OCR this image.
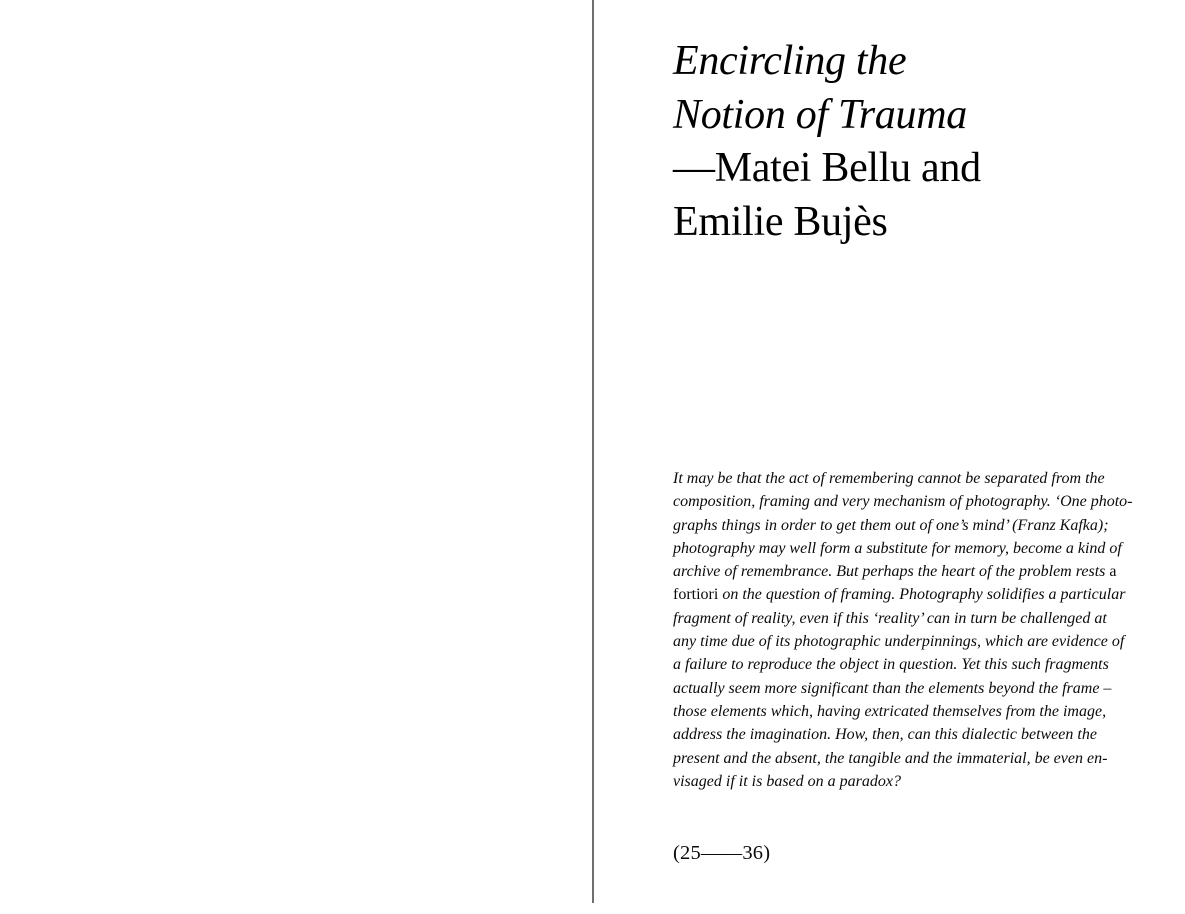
Encircling the
Notion of Trauma
—Matei Bellu and
Emilie Bujès
It may be that the act of remembering cannot be separated from the
composition, framing and very mechanism of photography. ‘One photo-
graphs things in order to get them out of one’s mind’ (Franz Kafka);
photography may well form a substitute for memory, become a kind of
archive of remembrance. But perhaps the heart of the problem rests a
fortiori on the question of framing. Photography solidifies a particular
fragment of reality, even if this ‘reality’ can in turn be challenged at
any time due of its photographic underpinnings, which are evidence of
a failure to reproduce the object in question. Yet this such fragments
actually seem more significant than the elements beyond the frame –
those elements which, having extricated themselves from the image,
address the imagination. How, then, can this dialectic between the
present and the absent, the tangible and the immaterial, be even en-
visaged if it is based on a paradox?
(25——36)
